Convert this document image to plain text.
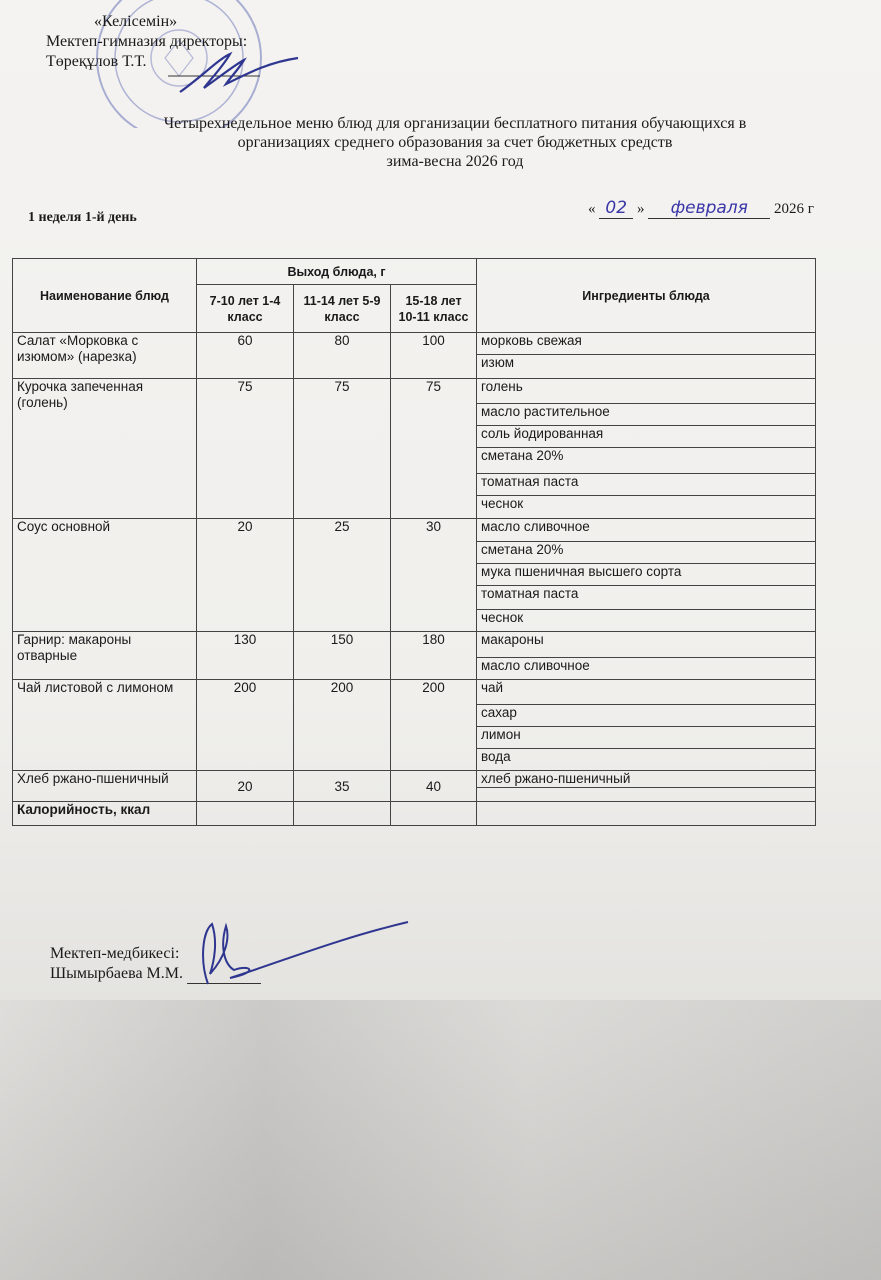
«Келісемін»
Мектеп-гимназия директоры:
Төреқұлов Т.Т.
Четырехнедельное меню блюд для организации бесплатного питания обучающихся в
организациях среднего образования за счет бюджетных средств
зима-весна 2026 год
1 неделя 1-й день
« 02 » февраля 2026 г
Наименование блюд	Выход блюда, г			Ингредиенты блюда
	7-10 лет 1-4 класс	11-14 лет 5-9 класс	15-18 лет 10-11 класс	
Салат «Морковка с изюмом» (нарезка)	60	80	100	морковь свежая
				изюм
Курочка запеченная (голень)	75	75	75	голень
				масло растительное
				соль йодированная
				сметана 20%
				томатная паста
				чеснок
Соус основной	20	25	30	масло сливочное
				сметана 20%
				мука пшеничная высшего сорта
				томатная паста
				чеснок
Гарнир: макароны отварные	130	150	180	макароны
				масло сливочное
Чай листовой с лимоном	200	200	200	чай
				сахар
				лимон
				вода
Хлеб ржано-пшеничный	20	35	40	хлеб ржано-пшеничный

Калорийность, ккал				
Мектеп-медбикесі:
Шымырбаева М.М.
